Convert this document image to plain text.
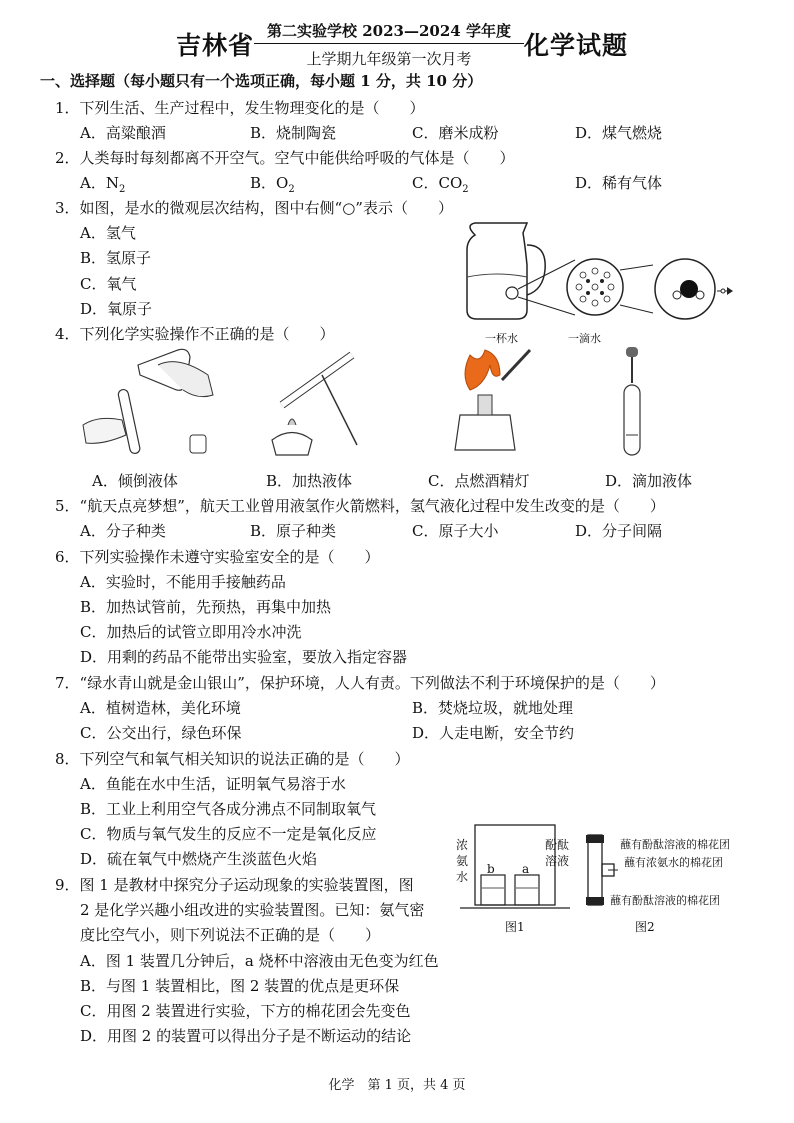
吉林省 第二实验学校 2023—2024 学年度
上学期九年级第一次月考	化学试题
一、选择题（每小题只有一个选项正确，每小题 1 分，共 10 分）
1．下列生活、生产过程中，发生物理变化的是（　　）
A．高粱酿酒	B．烧制陶瓷	C．磨米成粉	D．煤气燃烧
2．人类每时每刻都离不开空气。空气中能供给呼吸的气体是（　　）
A．$N_2$	B．$O_2$	C．$CO_2$	D．稀有气体
3．如图，是水的微观层次结构，图中右侧“○”表示（　　）
A．氢气
B．氢原子
C．氧气
D．氧原子
一杯水	一滴水
4．下列化学实验操作不正确的是（　　）
A．倾倒液体	B．加热液体	C．点燃酒精灯	D．滴加液体
5．“航天点亮梦想”，航天工业曾用液氢作火箭燃料，氢气液化过程中发生改变的是（　　）
A．分子种类	B．原子种类	C．原子大小	D．分子间隔
6．下列实验操作未遵守实验室安全的是（　　）
A．实验时，不能用手接触药品
B．加热试管前，先预热，再集中加热
C．加热后的试管立即用冷水冲洗
D．用剩的药品不能带出实验室，要放入指定容器
7．“绿水青山就是金山银山”，保护环境，人人有责。下列做法不利于环境保护的是（　　）
A．植树造林，美化环境	B．焚烧垃圾，就地处理
C．公交出行，绿色环保	D．人走电断，安全节约
8．下列空气和氧气相关知识的说法正确的是（　　）
A．鱼能在水中生活，证明氧气易溶于水
B．工业上利用空气各成分沸点不同制取氧气
C．物质与氧气发生的反应不一定是氧化反应
D．硫在氧气中燃烧产生淡蓝色火焰
9．图 1 是教材中探究分子运动现象的实验装置图，图
2 是化学兴趣小组改进的实验装置图。已知：氨气密
度比空气小，则下列说法不正确的是（　　）
A．图 1 装置几分钟后，a 烧杯中溶液由无色变为红色
B．与图 1 装置相比，图 2 装置的优点是更环保
C．用图 2 装置进行实验，下方的棉花团会先变色
D．用图 2 的装置可以得出分子是不断运动的结论
浓
氨
水
酚酞
溶液
b a
图1
蘸有酚酞溶液的棉花团
蘸有浓氨水的棉花团
蘸有酚酞溶液的棉花团
图2
化学　第 1 页，共 4 页
